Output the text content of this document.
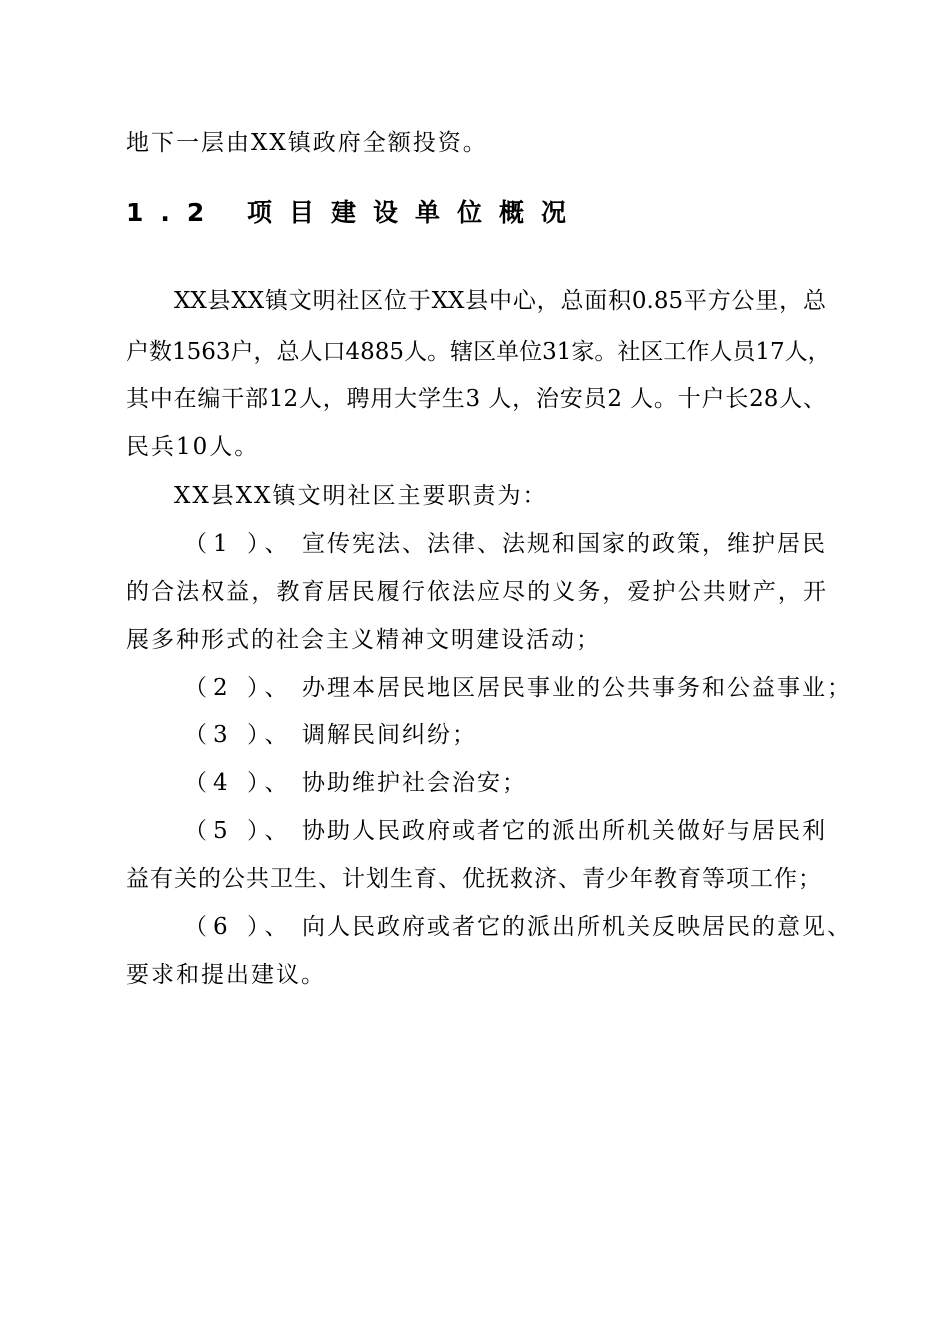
地下一层由XX镇政府全额投资。
1.2 项目建设单位概况
XX县XX镇文明社区位于XX县中心，总面积0.85平方公里，总
户数1563户，总人口4885人。辖区单位31家。社区工作人员17人，
其中在编干部12人，聘用大学生3 人，治安员2 人。十户长28人、
民兵10人。
XX县XX镇文明社区主要职责为：
（1 ）、 宣传宪法、法律、法规和国家的政策，维护居民
的合法权益，教育居民履行依法应尽的义务，爱护公共财产，开
展多种形式的社会主义精神文明建设活动；
（2 ）、 办理本居民地区居民事业的公共事务和公益事业；
（3 ）、 调解民间纠纷；
（4 ）、 协助维护社会治安；
（5 ）、 协助人民政府或者它的派出所机关做好与居民利
益有关的公共卫生、计划生育、优抚救济、青少年教育等项工作；
（6 ）、 向人民政府或者它的派出所机关反映居民的意见、
要求和提出建议。
